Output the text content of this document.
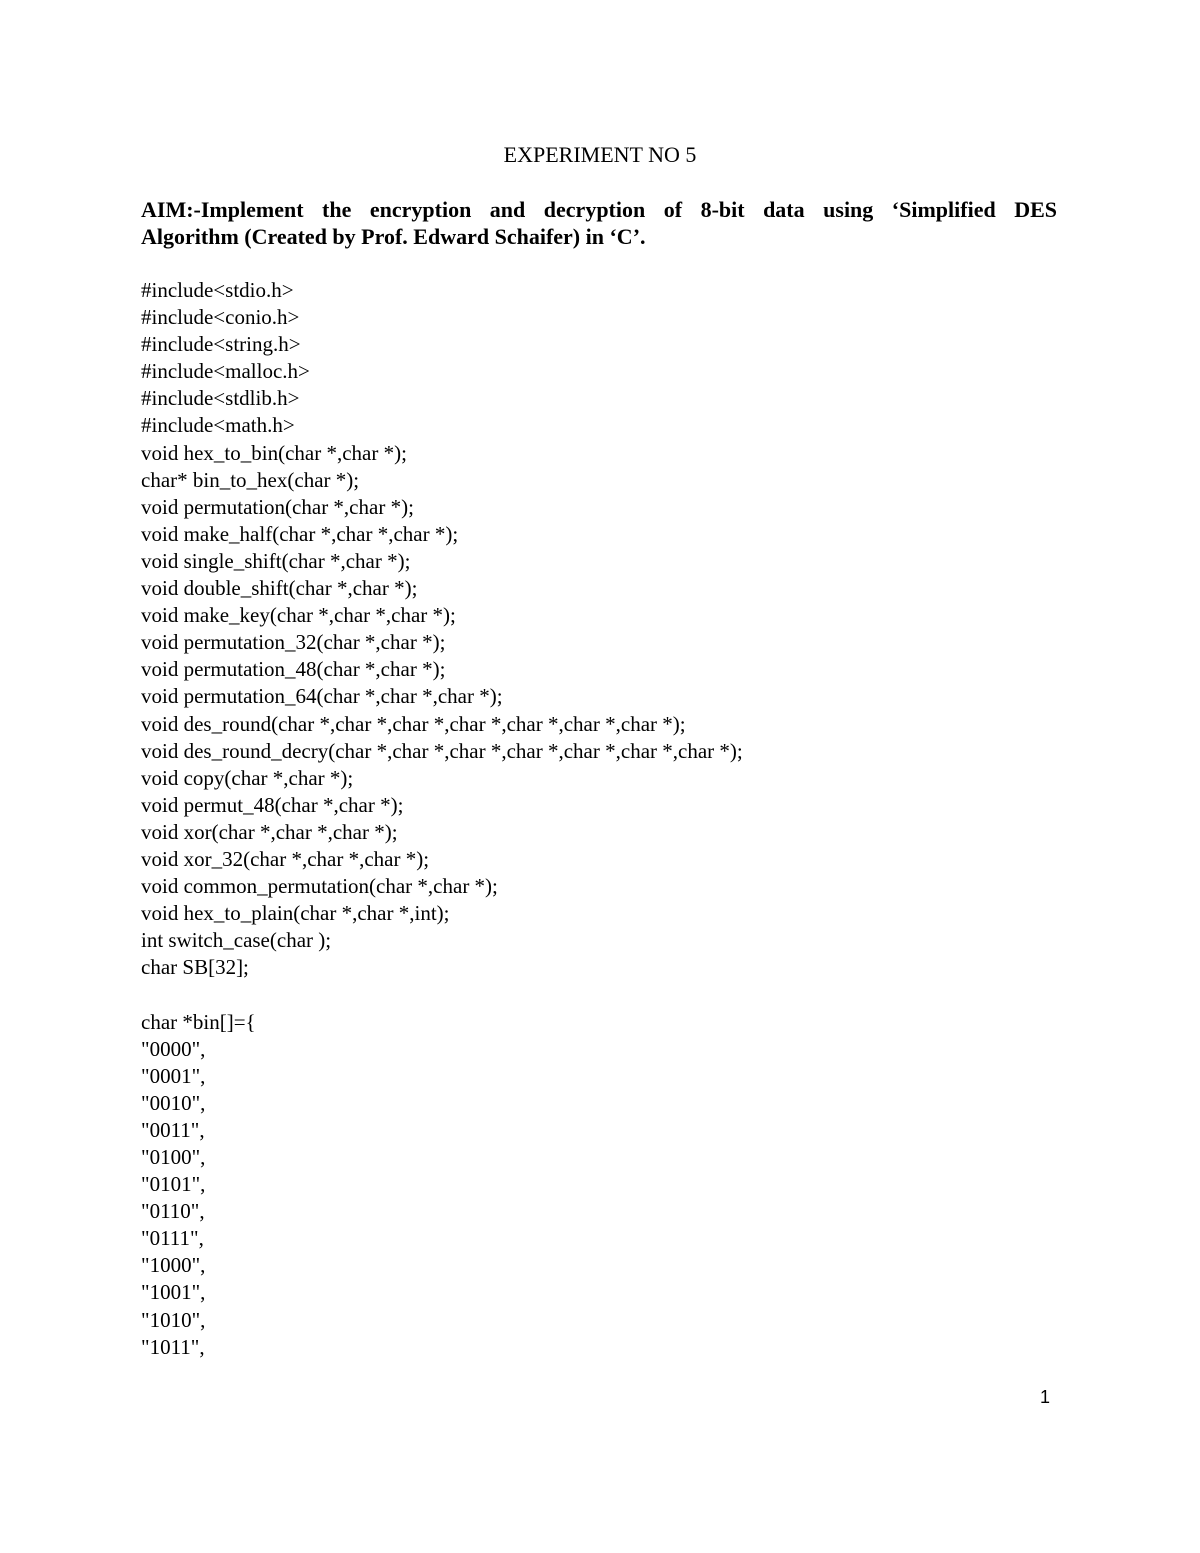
EXPERIMENT NO 5
AIM:-Implement the encryption and decryption of 8-bit data using ‘Simplified DES
Algorithm (Created by Prof. Edward Schaifer) in ‘C’.
#include<stdio.h>
#include<conio.h>
#include<string.h>
#include<malloc.h>
#include<stdlib.h>
#include<math.h>
void hex_to_bin(char *,char *);
char* bin_to_hex(char *);
void permutation(char *,char *);
void make_half(char *,char *,char *);
void single_shift(char *,char *);
void double_shift(char *,char *);
void make_key(char *,char *,char *);
void permutation_32(char *,char *);
void permutation_48(char *,char *);
void permutation_64(char *,char *,char *);
void des_round(char *,char *,char *,char *,char *,char *,char *);
void des_round_decry(char *,char *,char *,char *,char *,char *,char *);
void copy(char *,char *);
void permut_48(char *,char *);
void xor(char *,char *,char *);
void xor_32(char *,char *,char *);
void common_permutation(char *,char *);
void hex_to_plain(char *,char *,int);
int switch_case(char );
char SB[32];
char *bin[]={
"0000",
"0001",
"0010",
"0011",
"0100",
"0101",
"0110",
"0111",
"1000",
"1001",
"1010",
"1011",
1
